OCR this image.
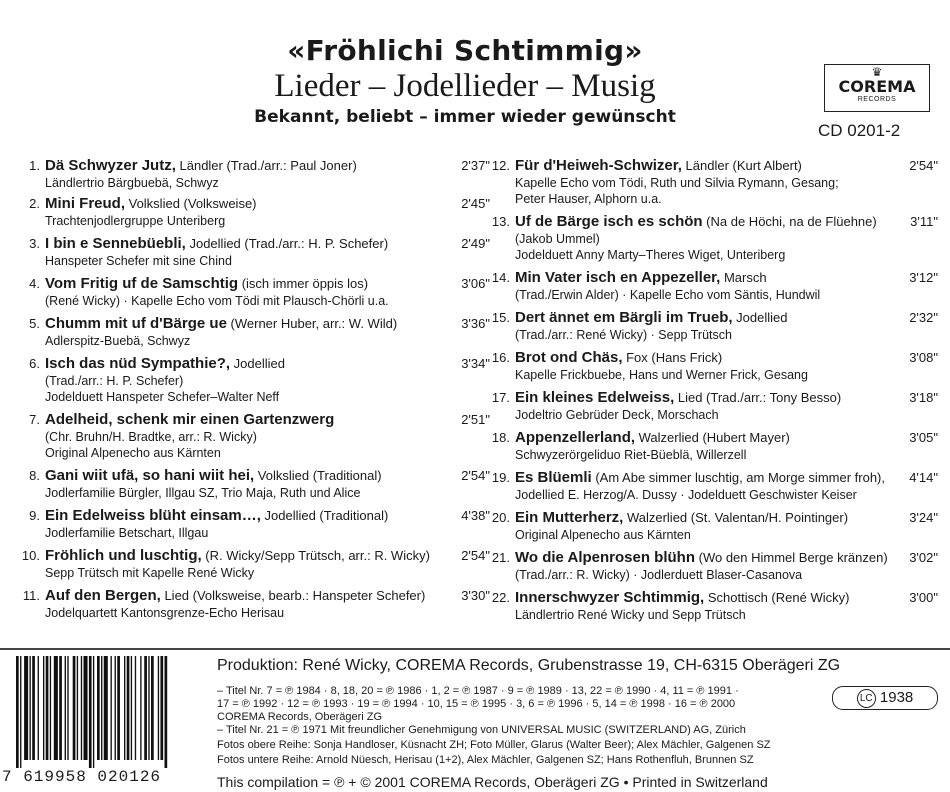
«Fröhlichi Schtimmig»
Lieder – Jodellieder – Musig
Bekannt, beliebt – immer wieder gewünscht
♛
COREMA
RECORDS
CD 0201-2
1. Dä Schwyzer Jutz, Ländler (Trad./arr.: Paul Joner)	2'37"
Ländlertrio Bärgbuebä, Schwyz
2. Mini Freud, Volkslied (Volksweise)	2'45"
Trachtenjodlergruppe Unteriberg
3. I bin e Sennebüebli, Jodellied (Trad./arr.: H. P. Schefer)	2'49"
Hanspeter Schefer mit sine Chind
4. Vom Fritig uf de Samschtig (isch immer öppis los)	3'06"
(René Wicky) · Kapelle Echo vom Tödi mit Plausch-Chörli u.a.
5. Chumm mit uf d'Bärge ue (Werner Huber, arr.: W. Wild)	3'36"
Adlerspitz-Buebä, Schwyz
6. Isch das nüd Sympathie?, Jodellied	3'34"
(Trad./arr.: H. P. Schefer)
Jodelduett Hanspeter Schefer–Walter Neff
7. Adelheid, schenk mir einen Gartenzwerg	2'51"
(Chr. Bruhn/H. Bradtke, arr.: R. Wicky)
Original Alpenecho aus Kärnten
8. Gani wiit ufä, so hani wiit hei, Volkslied (Traditional)	2'54"
Jodlerfamilie Bürgler, Illgau SZ, Trio Maja, Ruth und Alice
9. Ein Edelweiss blüht einsam…, Jodellied (Traditional)	4'38"
Jodlerfamilie Betschart, Illgau
10. Fröhlich und luschtig, (R. Wicky/Sepp Trütsch, arr.: R. Wicky)	2'54"
Sepp Trütsch mit Kapelle René Wicky
11. Auf den Bergen, Lied (Volksweise, bearb.: Hanspeter Schefer)	3'30"
Jodelquartett Kantonsgrenze-Echo Herisau
12. Für d'Heiweh-Schwizer, Ländler (Kurt Albert)	2'54"
Kapelle Echo vom Tödi, Ruth und Silvia Rymann, Gesang;
Peter Hauser, Alphorn u.a.
13. Uf de Bärge isch es schön (Na de Höchi, na de Flüehne)	3'11"
(Jakob Ummel)
Jodelduett Anny Marty–Theres Wiget, Unteriberg
14. Min Vater isch en Appezeller, Marsch	3'12"
(Trad./Erwin Alder) · Kapelle Echo vom Säntis, Hundwil
15. Dert ännet em Bärgli im Trueb, Jodellied	2'32"
(Trad./arr.: René Wicky) · Sepp Trütsch
16. Brot ond Chäs, Fox (Hans Frick)	3'08"
Kapelle Frickbuebe, Hans und Werner Frick, Gesang
17. Ein kleines Edelweiss, Lied (Trad./arr.: Tony Besso)	3'18"
Jodeltrio Gebrüder Deck, Morschach
18. Appenzellerland, Walzerlied (Hubert Mayer)	3'05"
Schwyzerörgeliduo Riet-Büeblä, Willerzell
19. Es Blüemli (Am Abe simmer luschtig, am Morge simmer froh),	4'14"
Jodellied E. Herzog/A. Dussy · Jodelduett Geschwister Keiser
20. Ein Mutterherz, Walzerlied (St. Valentan/H. Pointinger)	3'24"
Original Alpenecho aus Kärnten
21. Wo die Alpenrosen blühn (Wo den Himmel Berge kränzen)	3'02"
(Trad./arr.: R. Wicky) · Jodlerduett Blaser-Casanova
22. Innerschwyzer Schtimmig, Schottisch (René Wicky)	3'00"
Ländlertrio René Wicky und Sepp Trütsch
7 619958 020126
Produktion: René Wicky, COREMA Records, Grubenstrasse 19, CH-6315 Oberägeri ZG
– Titel Nr. 7 = ℗ 1984 · 8, 18, 20 = ℗ 1986 · 1, 2 = ℗ 1987 · 9 = ℗ 1989 · 13, 22 = ℗ 1990 · 4, 11 = ℗ 1991 ·
17 = ℗ 1992 · 12 = ℗ 1993 · 19 = ℗ 1994 · 10, 15 = ℗ 1995 · 3, 6 = ℗ 1996 · 5, 14 = ℗ 1998 · 16 = ℗ 2000
COREMA Records, Oberägeri ZG
– Titel Nr. 21 = ℗ 1971 Mit freundlicher Genehmigung von UNIVERSAL MUSIC (SWITZERLAND) AG, Zürich
Fotos obere Reihe: Sonja Handloser, Küsnacht ZH; Foto Müller, Glarus (Walter Beer); Alex Mächler, Galgenen SZ
Fotos untere Reihe: Arnold Nüesch, Herisau (1+2), Alex Mächler, Galgenen SZ; Hans Rothenfluh, Brunnen SZ
LC 1938
This compilation = ℗ + © 2001 COREMA Records, Oberägeri ZG • Printed in Switzerland
